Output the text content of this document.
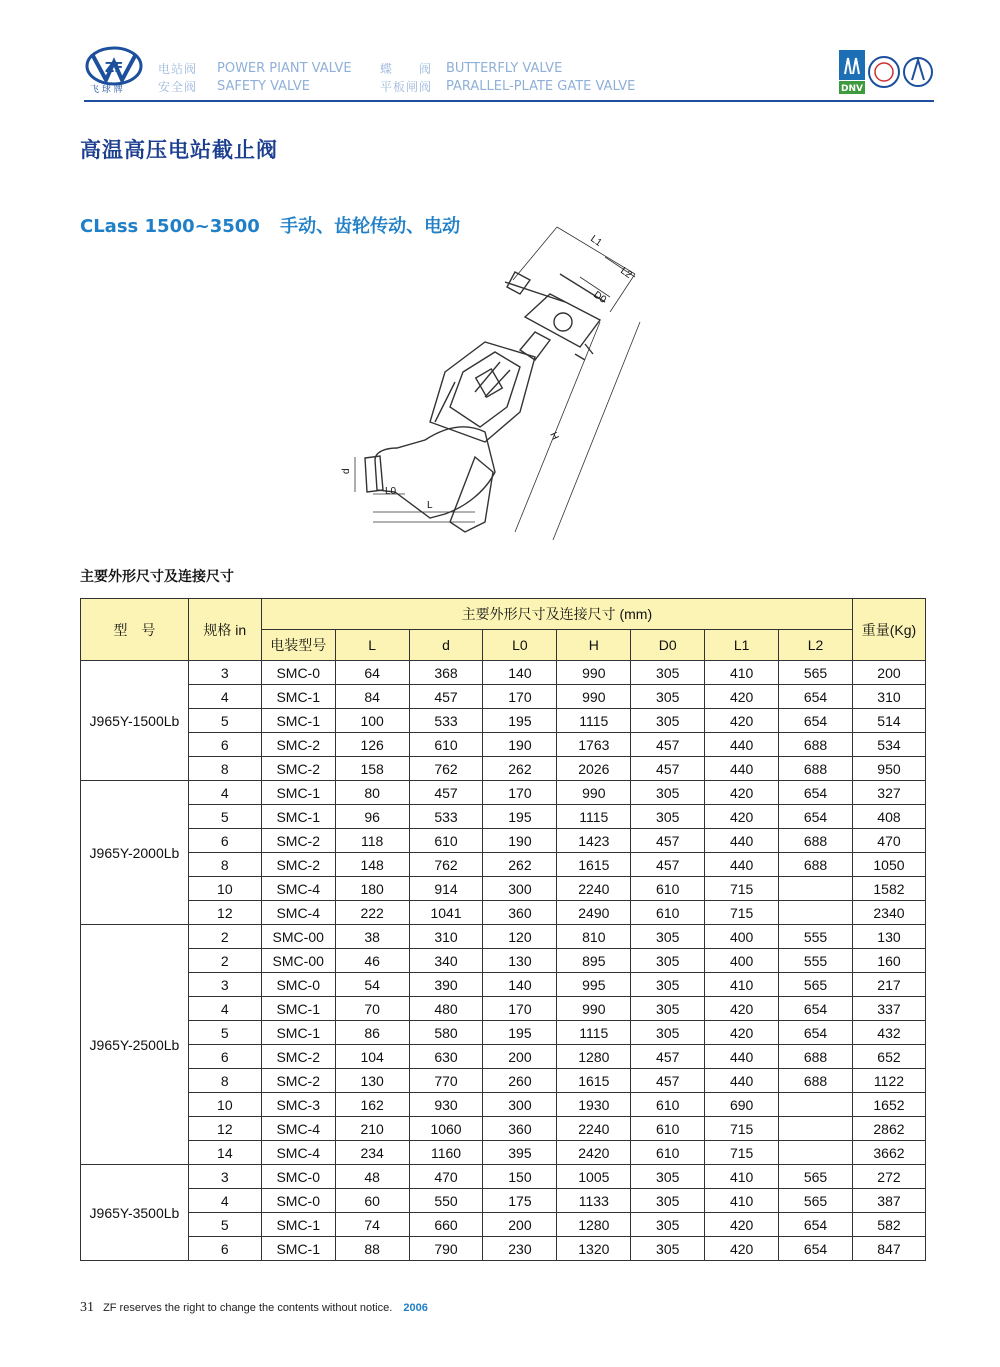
ZF
飞 球 牌
电站阀
安全阀
POWER PIANT VALVE
SAFETY VALVE
蝶　　阀
平板闸阀
BUTTERFLY VALVE
PARALLEL-PLATE GATE VALVE	DNV
高温高压电站截止阀
CLass 1500~3500 手动、齿轮传动、电动
L1
L2
D0
H
d
L0
L
主要外形尺寸及连接尺寸
型　号	规格 in	主要外形尺寸及连接尺寸 (mm)								重量(Kg)
		电装型号	L	d	L0	H	D0	L1	L2	
J965Y-1500Lb	3	SMC-0	64	368	140	990	305	410	565	200
	4	SMC-1	84	457	170	990	305	420	654	310
	5	SMC-1	100	533	195	1115	305	420	654	514
	6	SMC-2	126	610	190	1763	457	440	688	534
	8	SMC-2	158	762	262	2026	457	440	688	950
J965Y-2000Lb	4	SMC-1	80	457	170	990	305	420	654	327
	5	SMC-1	96	533	195	1115	305	420	654	408
	6	SMC-2	118	610	190	1423	457	440	688	470
	8	SMC-2	148	762	262	1615	457	440	688	1050
	10	SMC-4	180	914	300	2240	610	715		1582
	12	SMC-4	222	1041	360	2490	610	715		2340
J965Y-2500Lb	2	SMC-00	38	310	120	810	305	400	555	130
	2	SMC-00	46	340	130	895	305	400	555	160
	3	SMC-0	54	390	140	995	305	410	565	217
	4	SMC-1	70	480	170	990	305	420	654	337
	5	SMC-1	86	580	195	1115	305	420	654	432
	6	SMC-2	104	630	200	1280	457	440	688	652
	8	SMC-2	130	770	260	1615	457	440	688	1122
	10	SMC-3	162	930	300	1930	610	690		1652
	12	SMC-4	210	1060	360	2240	610	715		2862
	14	SMC-4	234	1160	395	2420	610	715		3662
J965Y-3500Lb	3	SMC-0	48	470	150	1005	305	410	565	272
	4	SMC-0	60	550	175	1133	305	410	565	387
	5	SMC-1	74	660	200	1280	305	420	654	582
	6	SMC-1	88	790	230	1320	305	420	654	847
31 ZF reserves the right to change the contents without notice. 2006
